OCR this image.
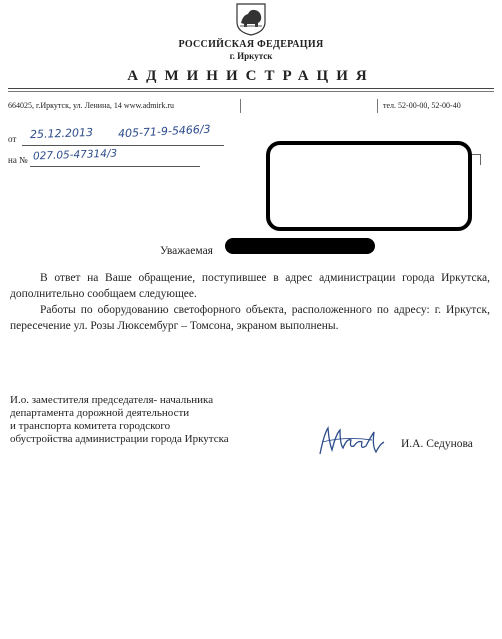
РОССИЙСКАЯ ФЕДЕРАЦИЯ
г. Иркутск
АДМИНИСТРАЦИЯ
664025, г.Иркутск, ул. Ленина, 14 www.admirk.ru	тел. 52-00-00, 52-00-40
от 25.12.2013 405-71-9-5466/3
на № 027.05-47314/3
Уважаемая

В ответ на Ваше обращение, поступившее в адрес администрации города Иркутска, дополнительно сообщаем следующее.

Работы по оборудованию светофорного объекта, расположенного по адресу: г. Иркутск, пересечение ул. Розы Люксембург – Томсона, экраном выполнены.

И.о. заместителя председателя- начальника
департамента дорожной деятельности
и транспорта комитета городского
обустройства администрации города Иркутска	И.А. Седунова
